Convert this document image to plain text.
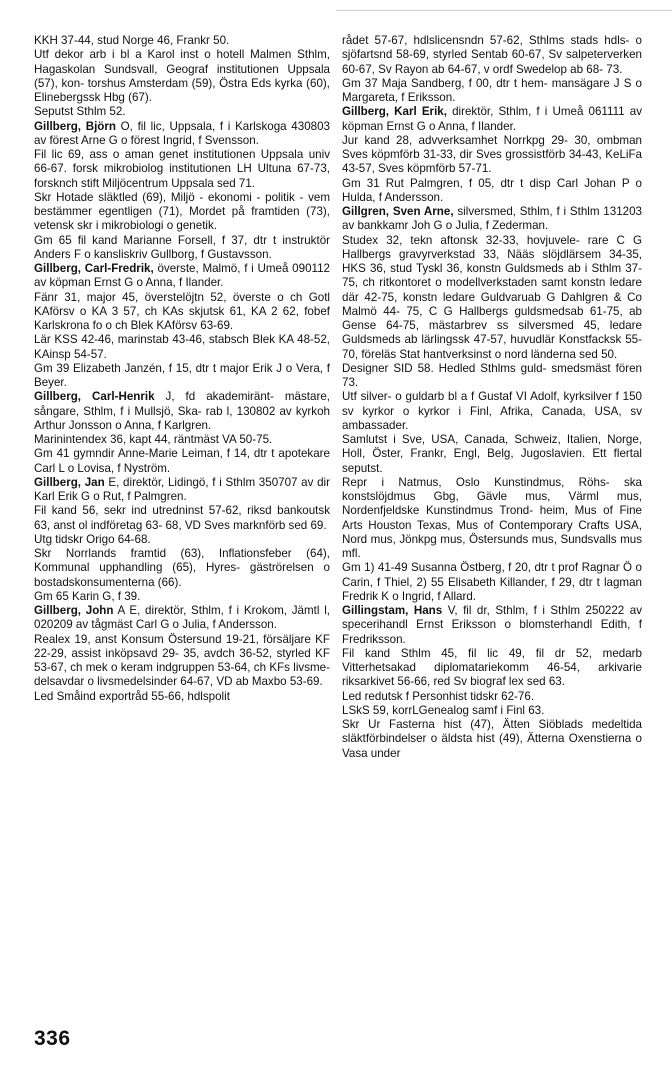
KKH 37-44, stud Norge 46, Frankr 50.

Utf dekor arb i bl a Karol inst o hotell Malmen Sthlm, Hagaskolan Sundsvall, Geograf institutionen Uppsala (57), kon- torshus Amsterdam (59), Östra Eds kyrka (60), Elinebergssk Hbg (67).

Seputst Sthlm 52.

Gillberg, Björn O, fil lic, Uppsala, f i Karlskoga 430803 av förest Arne G o förest Ingrid, f Svensson.

Fil lic 69, ass o aman genet institutionen Uppsala univ 66-67. forsk mikrobiolog institutionen LH Ultuna 67-73, forsknch stift Miljöcentrum Uppsala sed 71.

Skr Hotade släktled (69), Miljö - ekonomi - politik - vem bestämmer egentligen (71), Mordet på framtiden (73), vetensk skr i mikrobiologi o genetik.

Gm 65 fil kand Marianne Forsell, f 37, dtr t instruktör Anders F o kansliskriv Gullborg, f Gustavsson.

Gillberg, Carl-Fredrik, överste, Malmö, f i Umeå 090112 av köpman Ernst G o Anna, f Ilander.

Fänr 31, major 45, överstelöjtn 52, överste o ch Gotl KAförsv o KA 3 57, ch KAs skjutsk 61, KA 2 62, fobef Karlskrona fo o ch Blek KAförsv 63-69.

Lär KSS 42-46, marinstab 43-46, stabsch Blek KA 48-52, KAinsp 54-57.

Gm 39 Elizabeth Janzén, f 15, dtr t major Erik J o Vera, f Beyer.

Gillberg, Carl-Henrik J, fd akademiränt- mästare, sångare, Sthlm, f i Mullsjö, Ska- rab l, 130802 av kyrkoh Arthur Jonsson o Anna, f Karlgren.

Marinintendex 36, kapt 44, räntmäst VA 50-75.

Gm 41 gymndir Anne-Marie Leiman, f 14, dtr t apotekare Carl L o Lovisa, f Nyström.

Gillberg, Jan E, direktör, Lidingö, f i Sthlm 350707 av dir Karl Erik G o Rut, f Palmgren.

Fil kand 56, sekr ind utredninst 57-62, riksd bankoutsk 63, anst ol indföretag 63- 68, VD Sves marknförb sed 69.

Utg tidskr Origo 64-68.

Skr Norrlands framtid (63), Inflationsfeber (64), Kommunal upphandling (65), Hyres- gäströrelsen o bostadskonsumenterna (66).

Gm 65 Karin G, f 39.

Gillberg, John A E, direktör, Sthlm, f i Krokom, Jämtl l, 020209 av tågmäst Carl G o Julia, f Andersson.

Realex 19, anst Konsum Östersund 19-21, försäljare KF 22-29, assist inköpsavd 29- 35, avdch 36-52, styrled KF 53-67, ch mek o keram indgruppen 53-64, ch KFs livsme- delsavdar o livsmedelsinder 64-67, VD ab Maxbo 53-69.

Led Småind exportråd 55-66, hdlspolit

rådet 57-67, hdlslicensndn 57-62, Sthlms stads hdls- o sjöfartsnd 58-69, styrled Sentab 60-67, Sv salpeterverken 60-67, Sv Rayon ab 64-67, v ordf Swedelop ab 68- 73.

Gm 37 Maja Sandberg, f 00, dtr t hem- mansägare J S o Margareta, f Eriksson.

Gillberg, Karl Erik, direktör, Sthlm, f i Umeå 061111 av köpman Ernst G o Anna, f Ilander.

Jur kand 28, advverksamhet Norrkpg 29- 30, ombman Sves köpmförb 31-33, dir Sves grossistförb 34-43, KeLiFa 43-57, Sves köpmförb 57-71.

Gm 31 Rut Palmgren, f 05, dtr t disp Carl Johan P o Hulda, f Andersson.

Gillgren, Sven Arne, silversmed, Sthlm, f i Sthlm 131203 av bankkamr Joh G o Julia, f Zederman.

Studex 32, tekn aftonsk 32-33, hovjuvele- rare C G Hallbergs gravyrverkstad 33, Nääs slöjdlärsem 34-35, HKS 36, stud Tyskl 36, konstn Guldsmeds ab i Sthlm 37- 75, ch ritkontoret o modellverkstaden samt konstn ledare där 42-75, konstn ledare Guldvaruab G Dahlgren & Co Malmö 44- 75, C G Hallbergs guldsmedsab 61-75, ab Gense 64-75, mästarbrev ss silversmed 45, ledare Guldsmeds ab lärlingssk 47-57, huvudlär Konstfacksk 55-70, föreläs Stat hantverksinst o nord länderna sed 50.

Designer SID 58. Hedled Sthlms guld- smedsmäst fören 73.

Utf silver- o guldarb bl a f Gustaf VI Adolf, kyrksilver f 150 sv kyrkor o kyrkor i Finl, Afrika, Canada, USA, sv ambassader.

Samlutst i Sve, USA, Canada, Schweiz, Italien, Norge, Holl, Öster, Frankr, Engl, Belg, Jugoslavien. Ett flertal seputst.

Repr i Natmus, Oslo Kunstindmus, Röhs- ska konstslöjdmus Gbg, Gävle mus, Värml mus, Nordenfjeldske Kunstindmus Trond- heim, Mus of Fine Arts Houston Texas, Mus of Contemporary Crafts USA, Nord mus, Jönkpg mus, Östersunds mus, Sundsvalls mus mfl.

Gm 1) 41-49 Susanna Östberg, f 20, dtr t prof Ragnar Ö o Carin, f Thiel, 2) 55 Elisabeth Killander, f 29, dtr t lagman Fredrik K o Ingrid, f Allard.

Gillingstam, Hans V, fil dr, Sthlm, f i Sthlm 250222 av specerihandl Ernst Eriksson o blomsterhandl Edith, f Fredriksson.

Fil kand Sthlm 45, fil lic 49, fil dr 52, medarb Vitterhetsakad diplomatariekomm 46-54, arkivarie riksarkivet 56-66, red Sv biograf lex sed 63.

Led redutsk f Personhist tidskr 62-76.

LSkS 59, korrLGenealog samf i Finl 63.

Skr Ur Fasterna hist (47), Ätten Siöblads medeltida släktförbindelser o äldsta hist (49), Ätterna Oxenstierna o Vasa under

336
